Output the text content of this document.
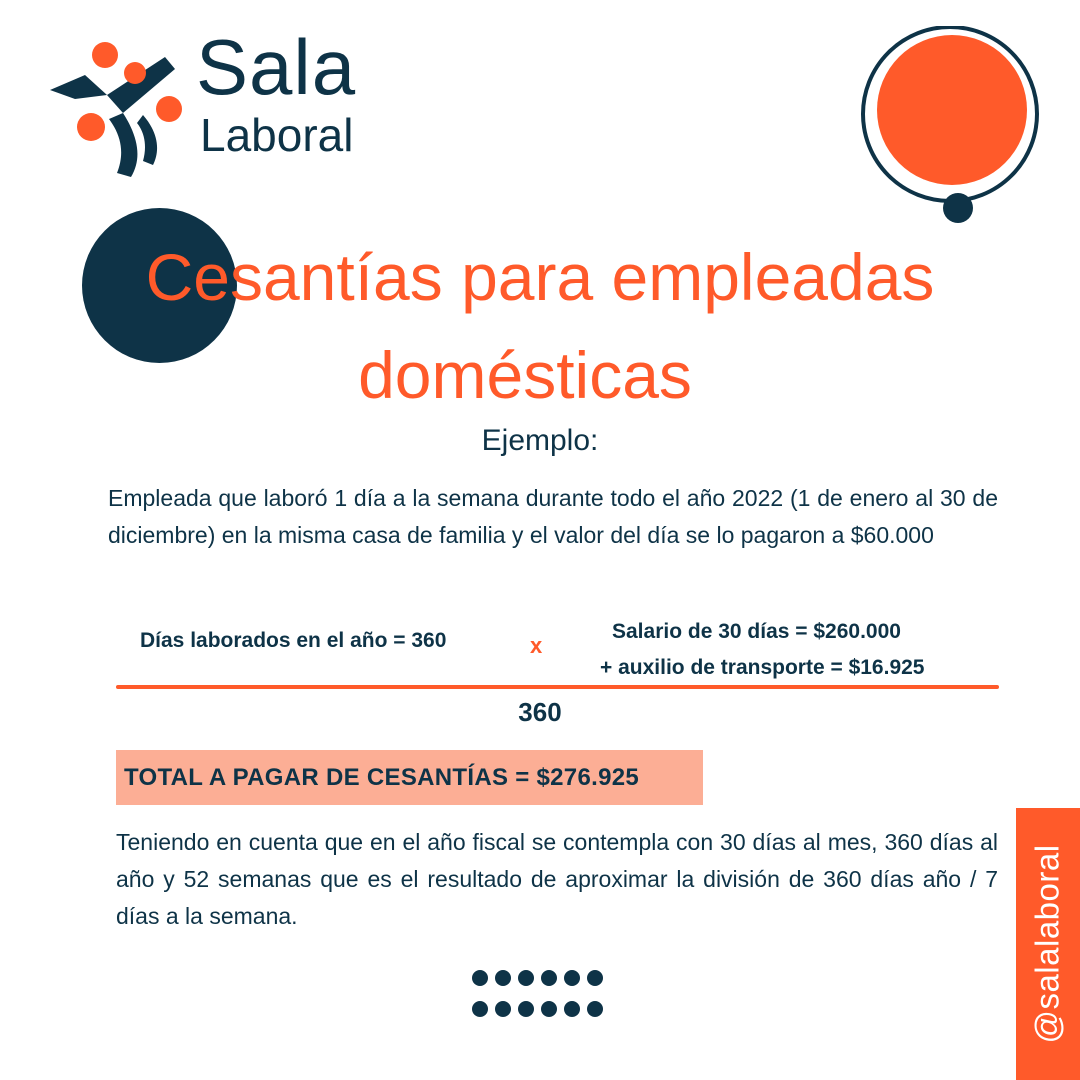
Sala
Laboral
Cesantías para empleadas
domésticas
Ejemplo:
Empleada que laboró 1 día a la semana durante todo el año 2022 (1 de enero al 30 de diciembre) en la misma casa de familia y el valor del día se lo pagaron a $60.000
Días laborados en el año = 360	x
Salario de 30 días = $260.000
+ auxilio de transporte = $16.925
360
TOTAL A PAGAR DE CESANTÍAS = $276.925
Teniendo en cuenta que en el año fiscal se contempla con 30 días al mes, 360 días al año y 52 semanas que es el resultado de aproximar la división de 360 días año / 7 días a la semana.	@salalaboral
